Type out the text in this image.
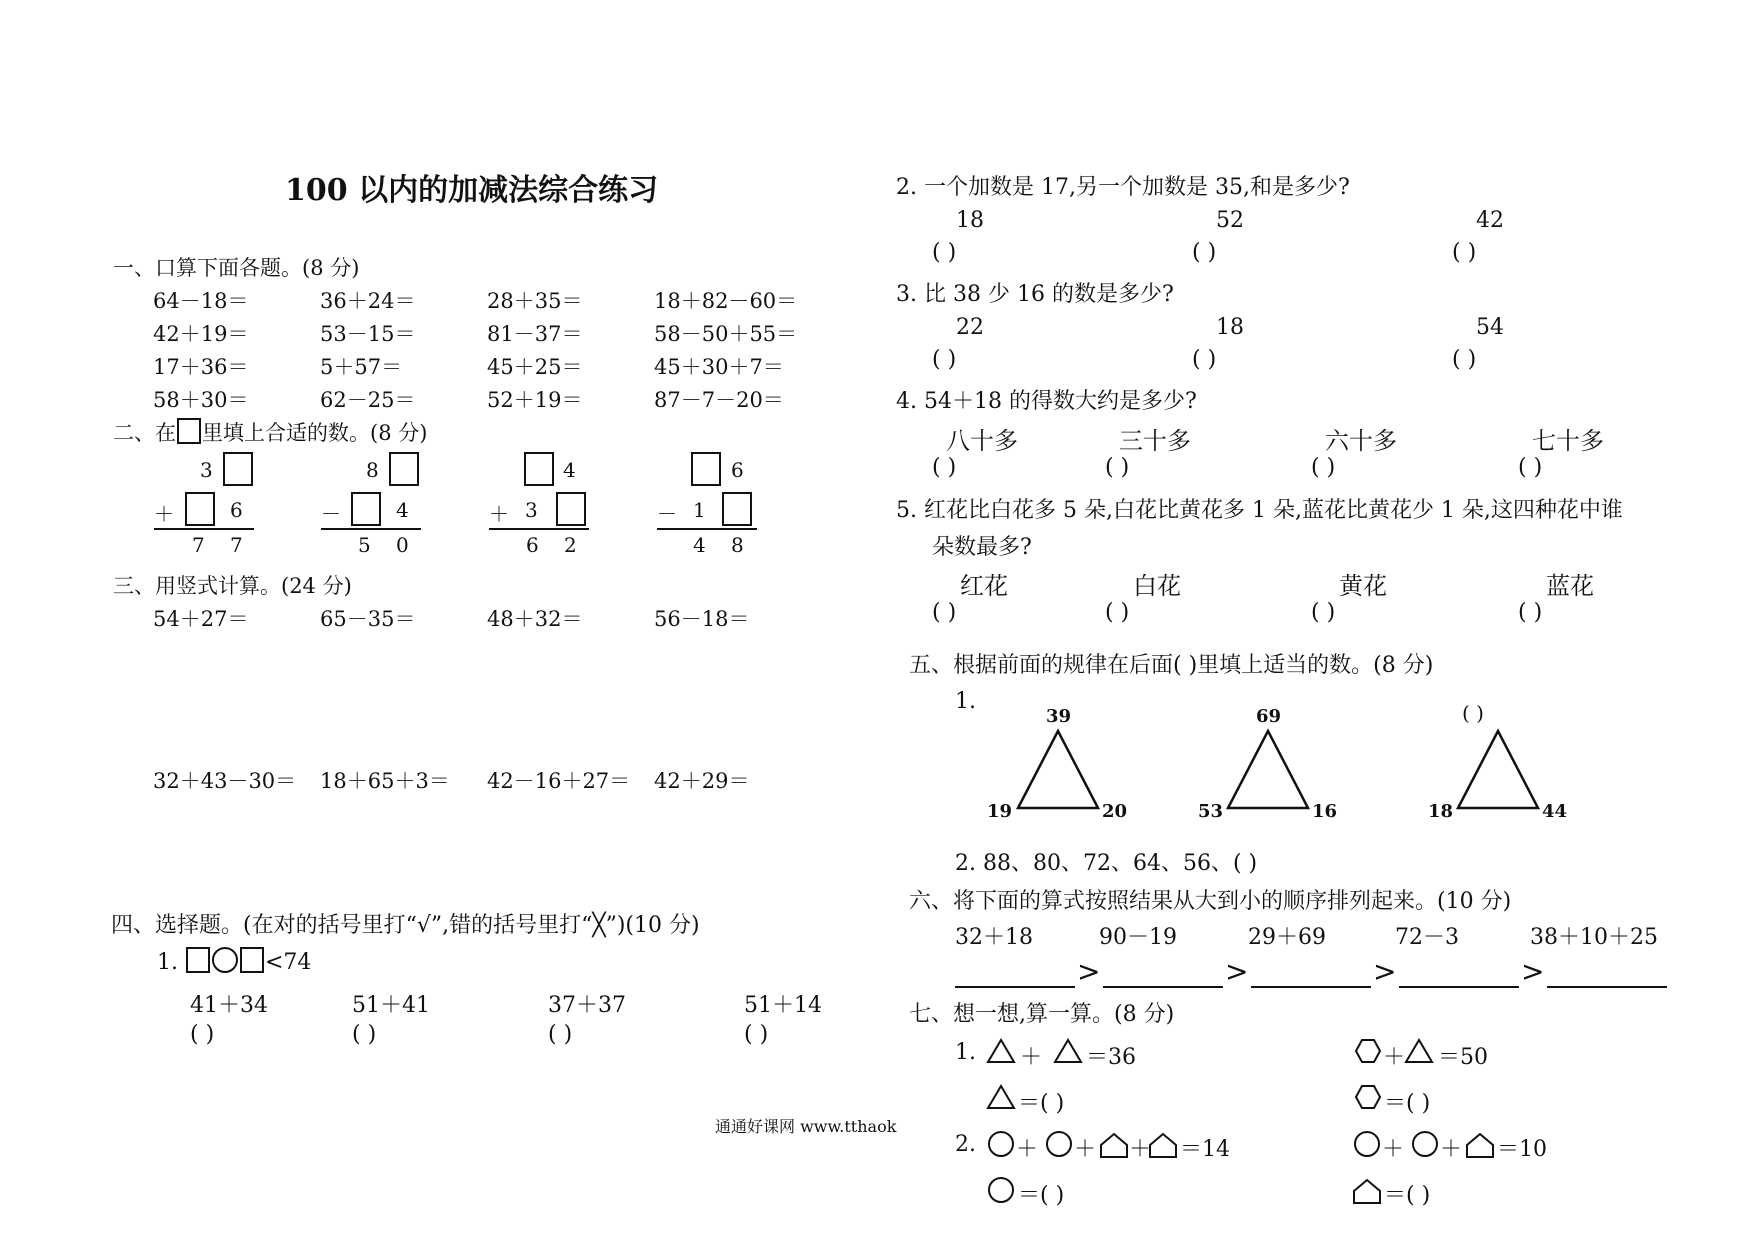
100 以内的加减法综合练习
一、口算下面各题。(8 分)
64－18＝	36＋24＝	28＋35＝	18＋82－60＝
42＋19＝	53－15＝	81－37＝	58－50＋55＝
17＋36＝	5＋57＝	45＋25＝	45＋30＋7＝
58＋30＝	62－25＝	52＋19＝	87－7－20＝
二、在 里填上合适的数。(8 分)
3
＋	6
7 7
8
－	4
5 0
4
＋ 3
6 2
6
－ 1
4 8
三、用竖式计算。(24 分)
54＋27＝	65－35＝	48＋32＝	56－18＝
32＋43－30＝ 18＋65＋3＝ 42－16＋27＝ 42＋29＝
四、选择题。(在对的括号里打“√”,错的括号里打“╳”)(10 分)
1.	<74
41＋34	51＋41	37＋37	51＋14
( )	( )	( )	( )
2. 一个加数是 17,另一个加数是 35,和是多少?
18	52	42
( )	( )	( )
3. 比 38 少 16 的数是多少?
22	18	54
( )	( )	( )
4. 54＋18 的得数大约是多少?
八十多	三十多	六十多	七十多
( )	( )	( )	( )
5. 红花比白花多 5 朵,白花比黄花多 1 朵,蓝花比黄花少 1 朵,这四种花中谁
朵数最多?
红花	白花	黄花	蓝花
( )	( )	( )	( )
五、根据前面的规律在后面( )里填上适当的数。(8 分)
1.
39
19	20
69
53	16
( )
18	44
2. 88、80、72、64、56、( )
六、将下面的算式按照结果从大到小的顺序排列起来。(10 分)
32＋18	90－19	29＋69	72－3	38＋10＋25
>	>	>	>
七、想一想,算一算。(8 分)
1. ＋ ＝36	＋ ＝50
＝( )	＝( )
2. ＋ ＋ ＋ ＝14	＋ ＋ ＝10
＝( )	＝( )
通通好课网 www.tthaok
